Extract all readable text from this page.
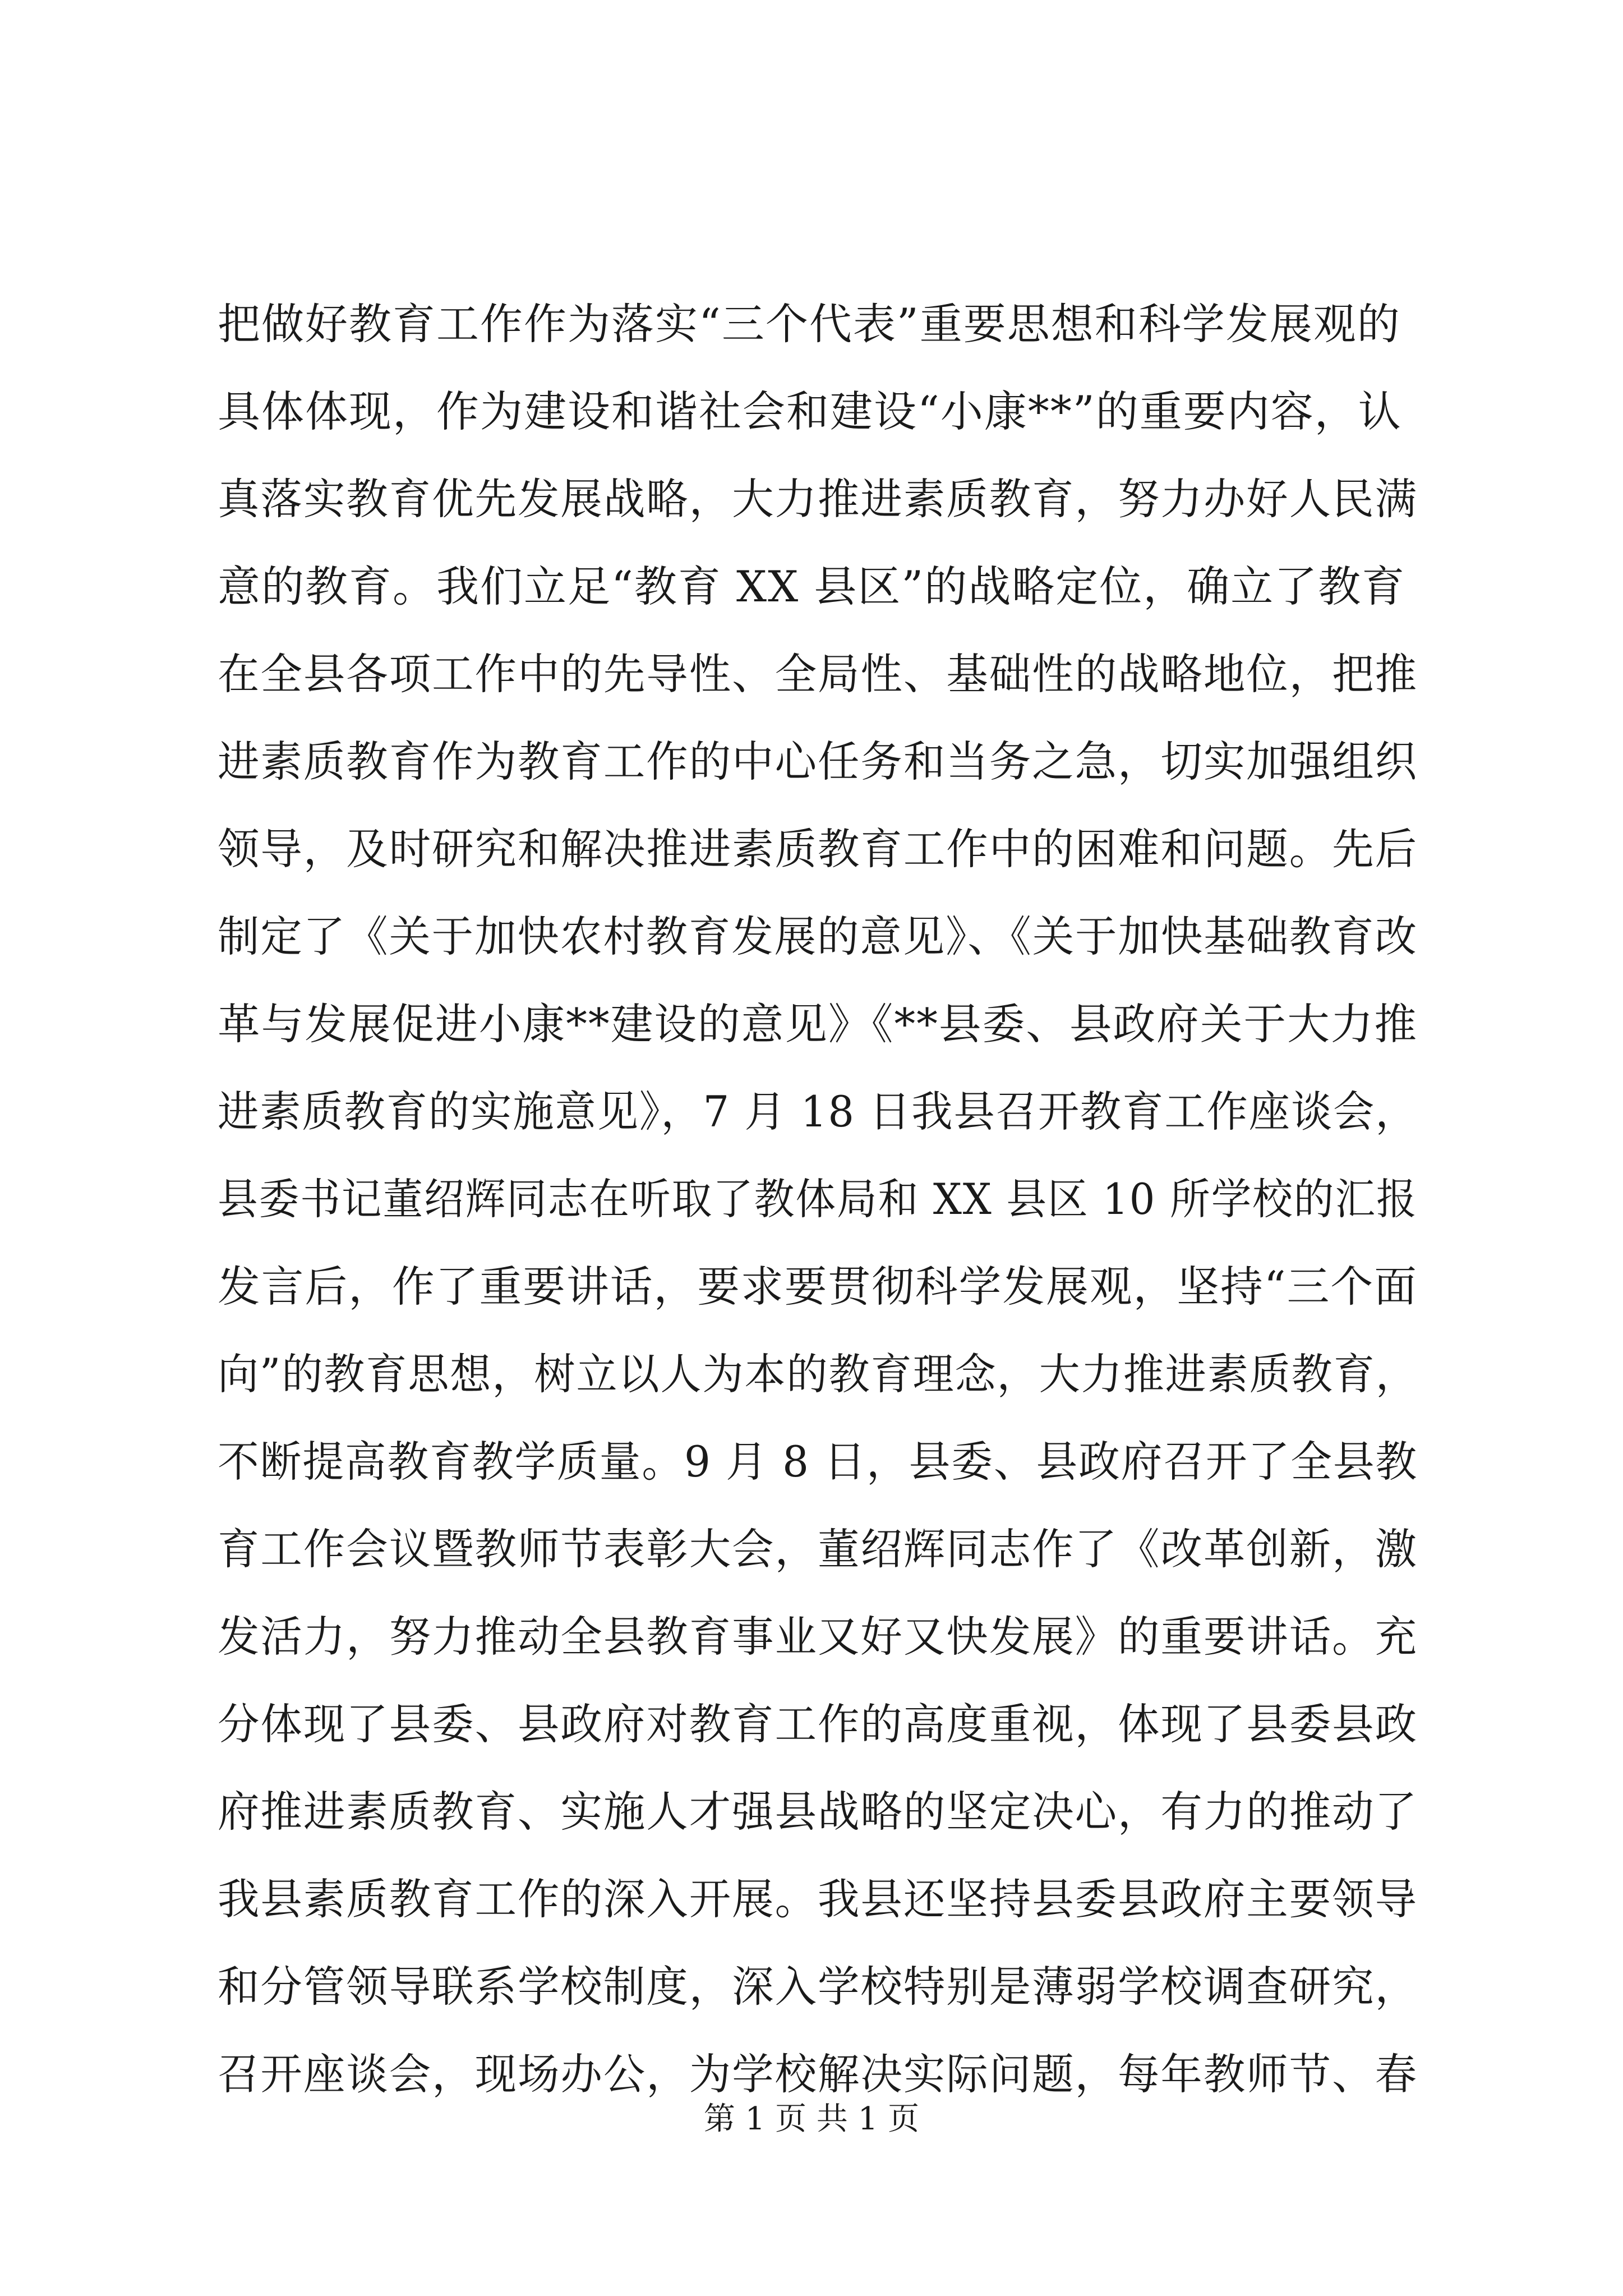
把做好教育工作作为落实“三个代表”重要思想和科学发展观的
具体体现，作为建设和谐社会和建设“小康**”的重要内容，认
真落实教育优先发展战略，大力推进素质教育，努力办好人民满
意的教育。我们立足“教育 XX 县区”的战略定位，确立了教育
在全县各项工作中的先导性、全局性、基础性的战略地位，把推
进素质教育作为教育工作的中心任务和当务之急，切实加强组织
领导，及时研究和解决推进素质教育工作中的困难和问题。先后
制定了《关于加快农村教育发展的意见》、《关于加快基础教育改
革与发展促进小康**建设的意见》《**县委、县政府关于大力推
进素质教育的实施意见》，7 月 18 日我县召开教育工作座谈会，
县委书记董绍辉同志在听取了教体局和 XX 县区 10 所学校的汇报
发言后，作了重要讲话，要求要贯彻科学发展观，坚持“三个面
向”的教育思想，树立以人为本的教育理念，大力推进素质教育，
不断提高教育教学质量。9 月 8 日，县委、县政府召开了全县教
育工作会议暨教师节表彰大会，董绍辉同志作了《改革创新，激
发活力，努力推动全县教育事业又好又快发展》的重要讲话。充
分体现了县委、县政府对教育工作的高度重视，体现了县委县政
府推进素质教育、实施人才强县战略的坚定决心，有力的推动了
我县素质教育工作的深入开展。我县还坚持县委县政府主要领导
和分管领导联系学校制度，深入学校特别是薄弱学校调查研究，
召开座谈会，现场办公，为学校解决实际问题，每年教师节、春
第 1 页 共 1 页
